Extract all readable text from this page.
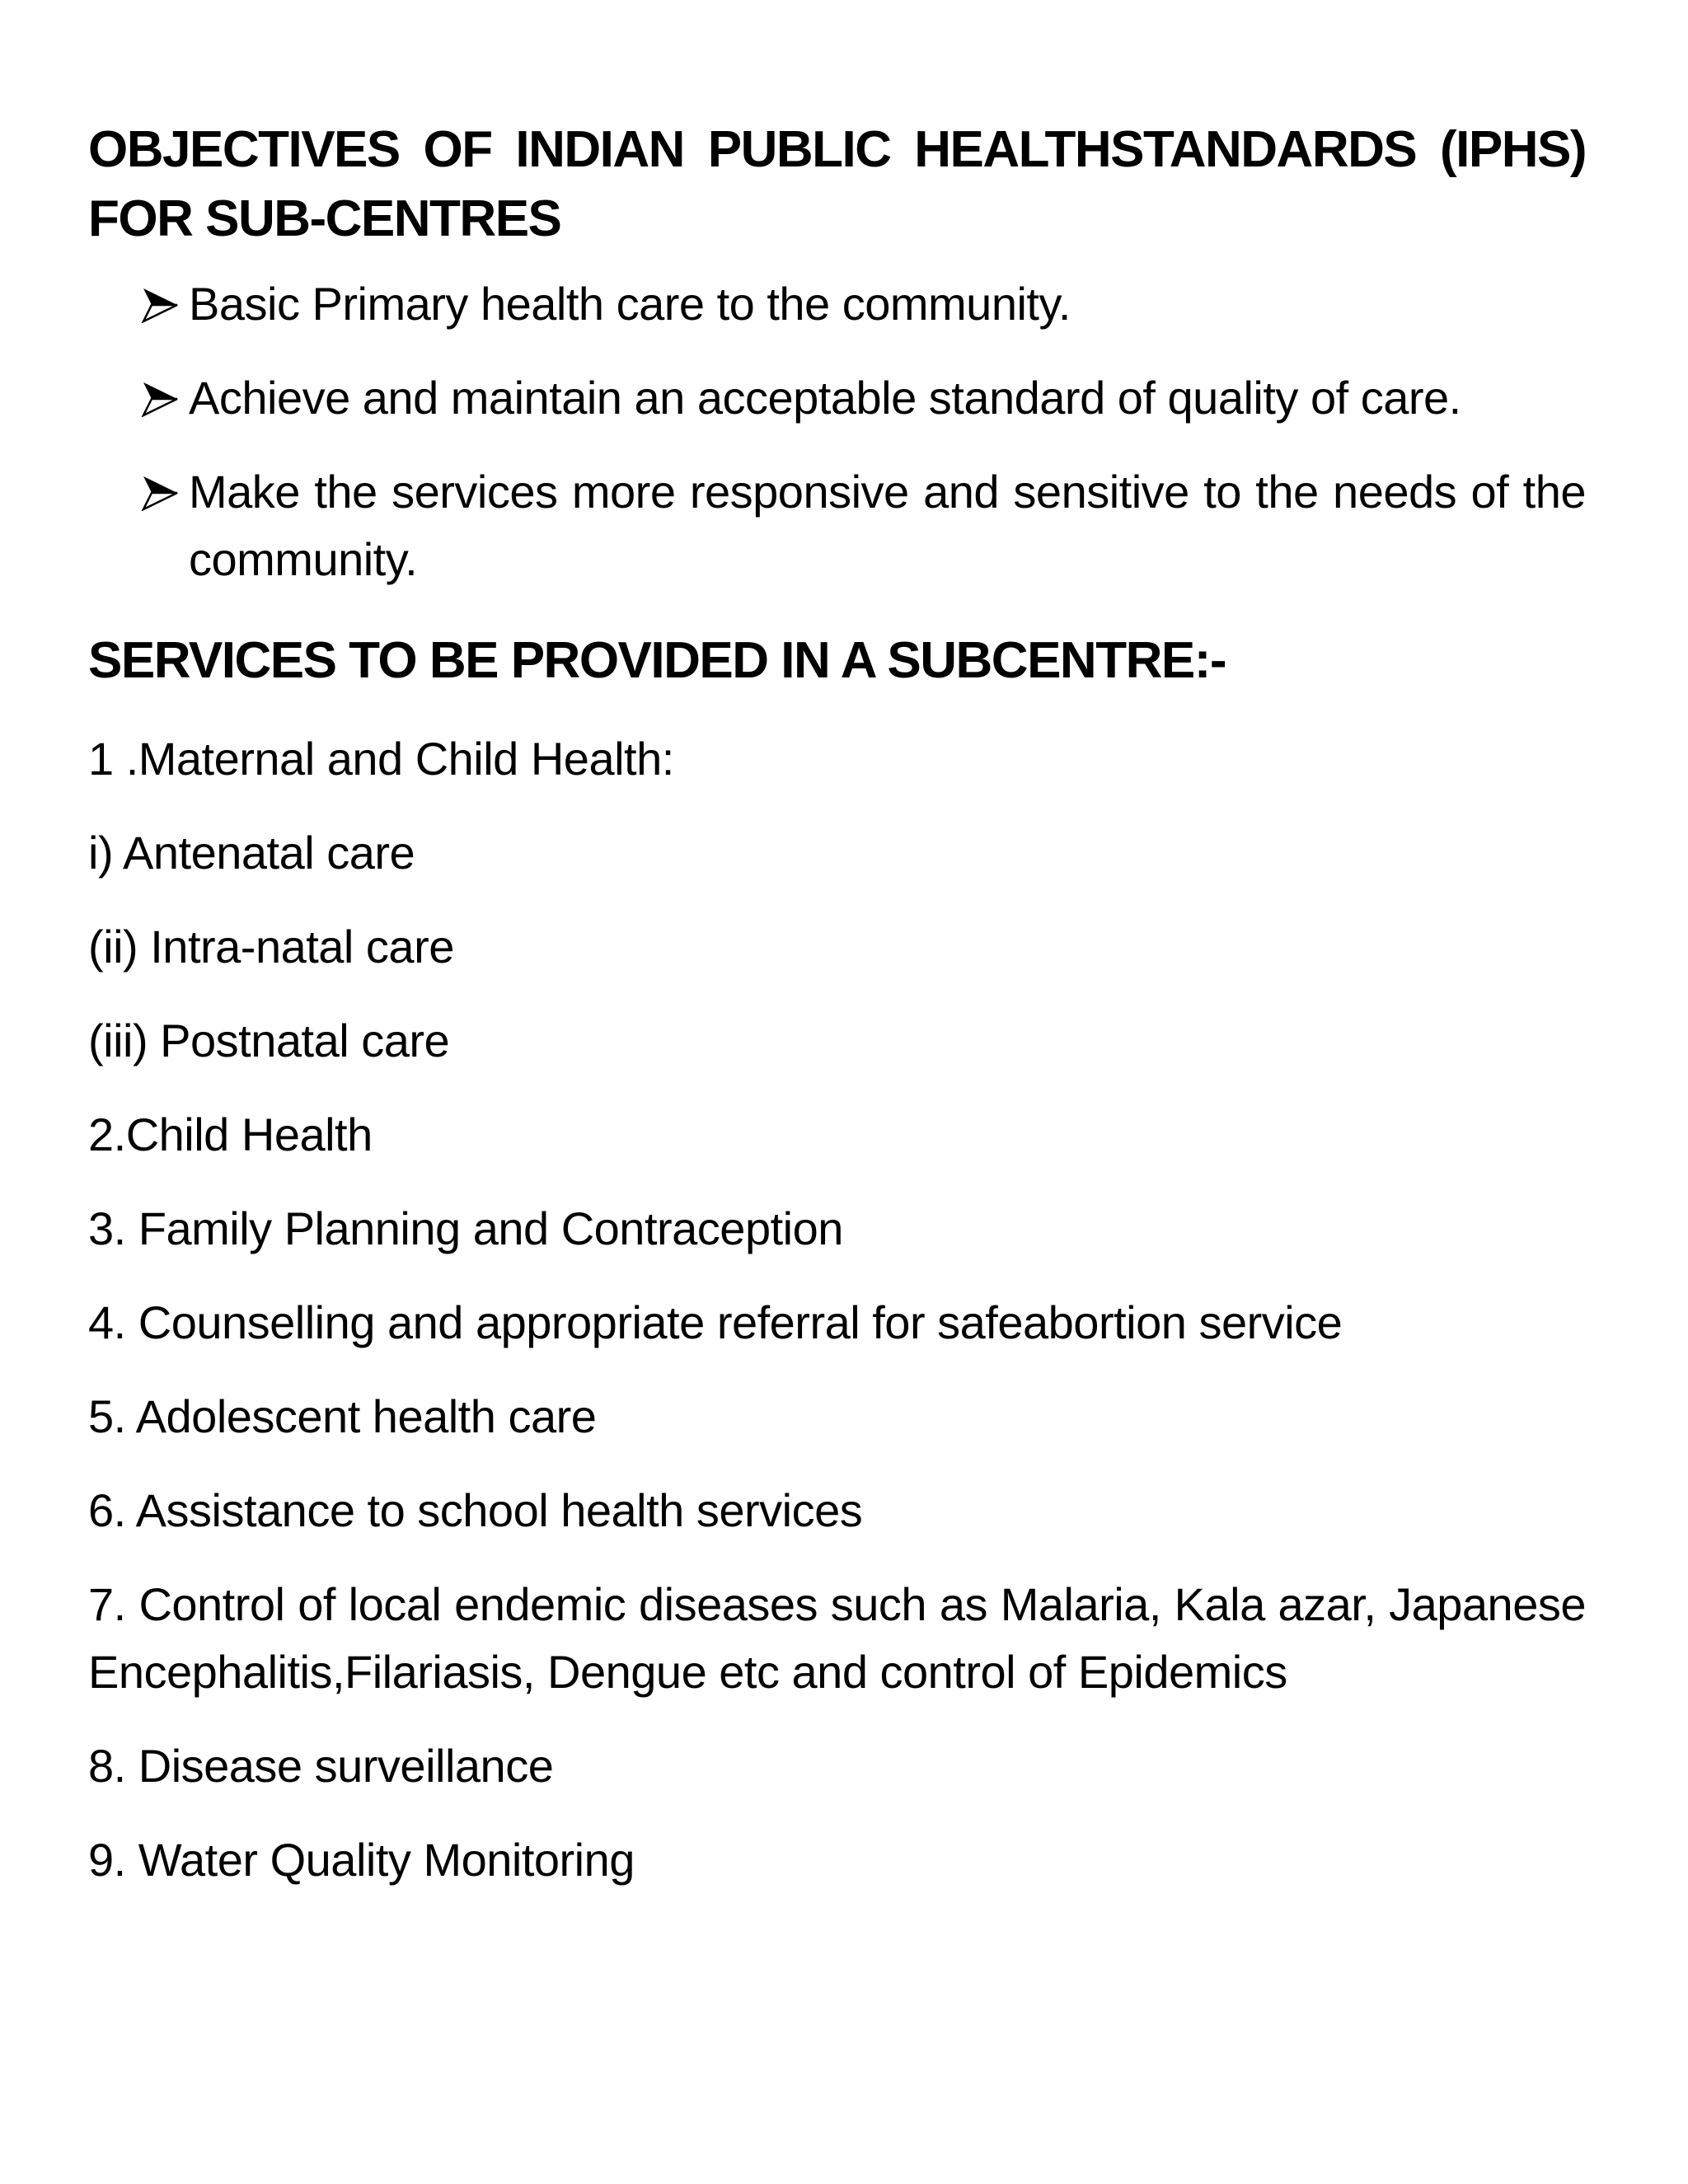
OBJECTIVES OF INDIAN PUBLIC HEALTHSTANDARDS (IPHS) FOR SUB-CENTRES
Basic Primary health care to the community.
Achieve and maintain an acceptable standard of quality of care.
Make the services more responsive and sensitive to the needs of the community.
SERVICES TO BE PROVIDED IN A SUBCENTRE:-

1 .Maternal and Child Health:

i) Antenatal care

(ii) Intra-natal care

(iii) Postnatal care

2.Child Health

3. Family Planning and Contraception

4. Counselling and appropriate referral for safeabortion service

5. Adolescent health care

6. Assistance to school health services

7. Control of local endemic diseases such as Malaria, Kala azar, Japanese Encephalitis,Filariasis, Dengue etc and control of Epidemics

8. Disease surveillance

9. Water Quality Monitoring
